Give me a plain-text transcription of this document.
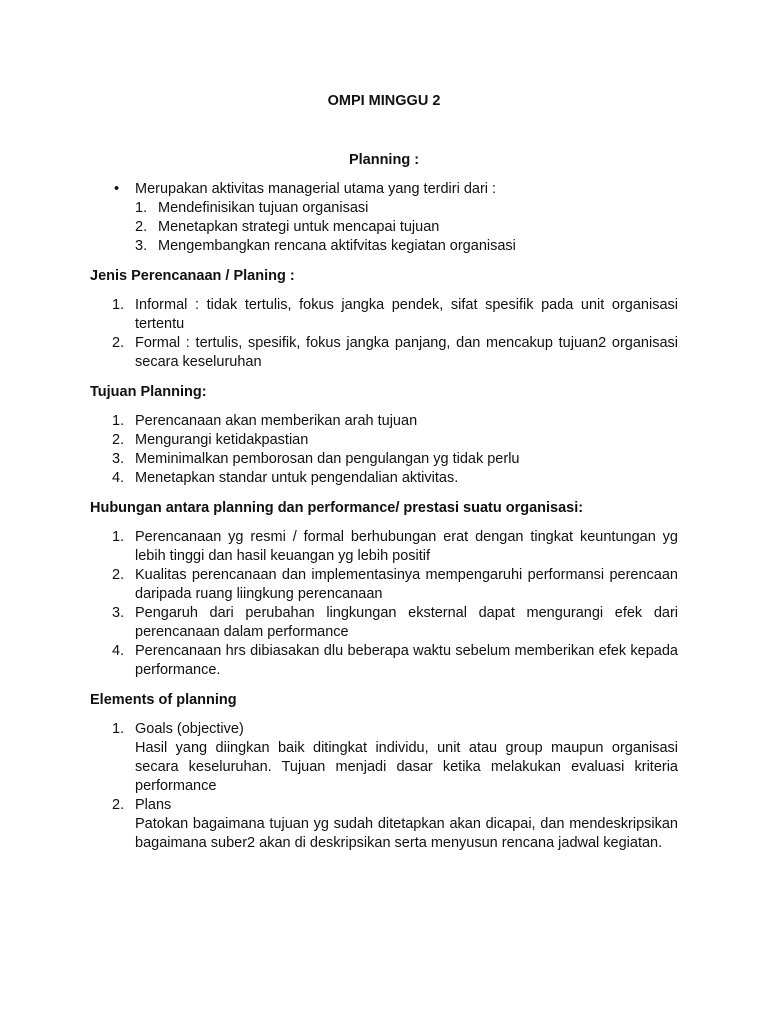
OMPI MINGGU 2
Planning :
• Merupakan aktivitas managerial utama yang terdiri dari :
1. Mendefinisikan tujuan organisasi
2. Menetapkan strategi untuk mencapai tujuan
3. Mengembangkan rencana aktifvitas kegiatan organisasi
Jenis Perencanaan / Planing :
1. Informal : tidak tertulis, fokus jangka pendek, sifat spesifik pada unit organisasi tertentu
2. Formal : tertulis, spesifik, fokus jangka panjang, dan mencakup tujuan2 organisasi secara keseluruhan
Tujuan Planning:
1. Perencanaan akan memberikan arah tujuan
2. Mengurangi ketidakpastian
3. Meminimalkan pemborosan dan pengulangan yg tidak perlu
4. Menetapkan standar untuk pengendalian aktivitas.
Hubungan antara planning dan performance/ prestasi suatu organisasi:
1. Perencanaan yg resmi / formal berhubungan erat dengan tingkat keuntungan yg lebih tinggi dan hasil keuangan yg lebih positif
2. Kualitas perencanaan dan implementasinya mempengaruhi performansi perencaan daripada ruang liingkung perencanaan
3. Pengaruh dari perubahan lingkungan eksternal dapat mengurangi efek dari perencanaan dalam performance
4. Perencanaan hrs dibiasakan dlu beberapa waktu sebelum memberikan efek kepada performance.
Elements of planning
1. Goals (objective)
Hasil yang diingkan baik ditingkat individu, unit atau group maupun organisasi secara keseluruhan. Tujuan menjadi dasar ketika melakukan evaluasi kriteria performance
2. Plans
Patokan bagaimana tujuan yg sudah ditetapkan akan dicapai, dan mendeskripsikan bagaimana suber2 akan di deskripsikan serta menyusun rencana jadwal kegiatan.
